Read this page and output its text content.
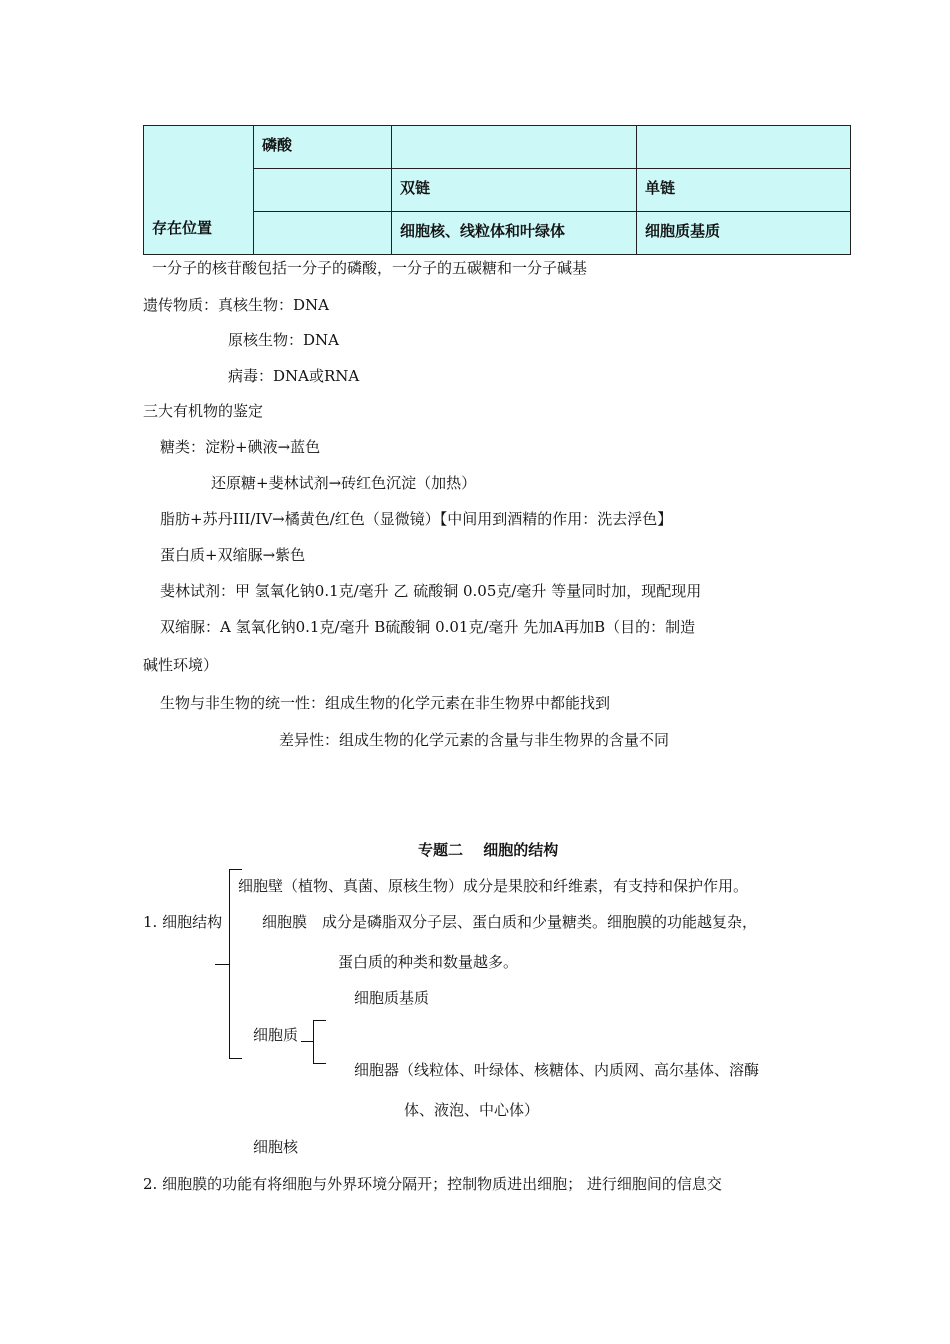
存在位置	磷酸		
		双链	单链
		细胞核、线粒体和叶绿体	细胞质基质
一分子的核苷酸包括一分子的磷酸，一分子的五碳糖和一分子碱基
遗传物质：真核生物：DNA
原核生物：DNA
病毒：DNA或RNA
三大有机物的鉴定
糖类：淀粉+碘液→蓝色
还原糖+斐林试剂→砖红色沉淀（加热）
脂肪+苏丹III/IV→橘黄色/红色（显微镜）【中间用到酒精的作用：洗去浮色】
蛋白质+双缩脲→紫色
斐林试剂：甲 氢氧化钠0.1克/毫升 乙 硫酸铜 0.05克/毫升 等量同时加，现配现用
双缩脲：A 氢氧化钠0.1克/毫升 B硫酸铜 0.01克/毫升 先加A再加B（目的：制造
碱性环境）
生物与非生物的统一性：组成生物的化学元素在非生物界中都能找到
差异性：组成生物的化学元素的含量与非生物界的含量不同
专题二　 细胞的结构
细胞壁（植物、真菌、原核生物）成分是果胶和纤维素，有支持和保护作用。
1. 细胞结构	细胞膜　成分是磷脂双分子层、蛋白质和少量糖类。细胞膜的功能越复杂，
蛋白质的种类和数量越多。
细胞质基质
细胞质
细胞器（线粒体、叶绿体、核糖体、内质网、高尔基体、溶酶
体、液泡、中心体）
细胞核
2. 细胞膜的功能有将细胞与外界环境分隔开；控制物质进出细胞； 进行细胞间的信息交
